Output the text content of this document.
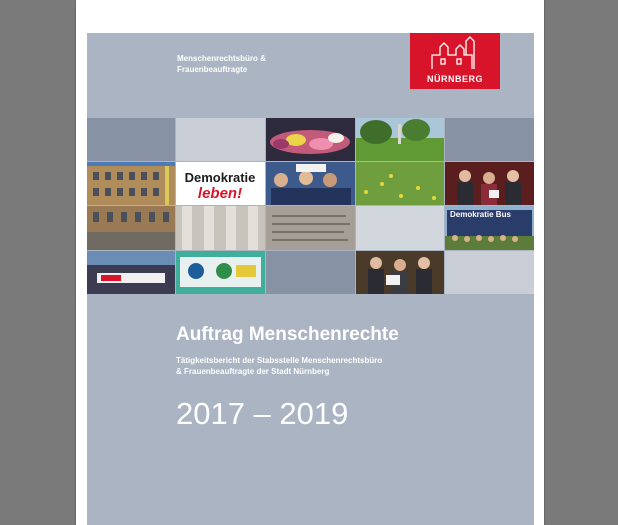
Menschenrechtsbüro &
Frauenbeauftragte
NÜRNBERG
Demokratie
leben!
Demokratie Bus
Auftrag Menschenrechte
Tätigkeitsbericht der Stabsstelle Menschenrechtsbüro
& Frauenbeauftragte der Stadt Nürnberg
2017 – 2019
